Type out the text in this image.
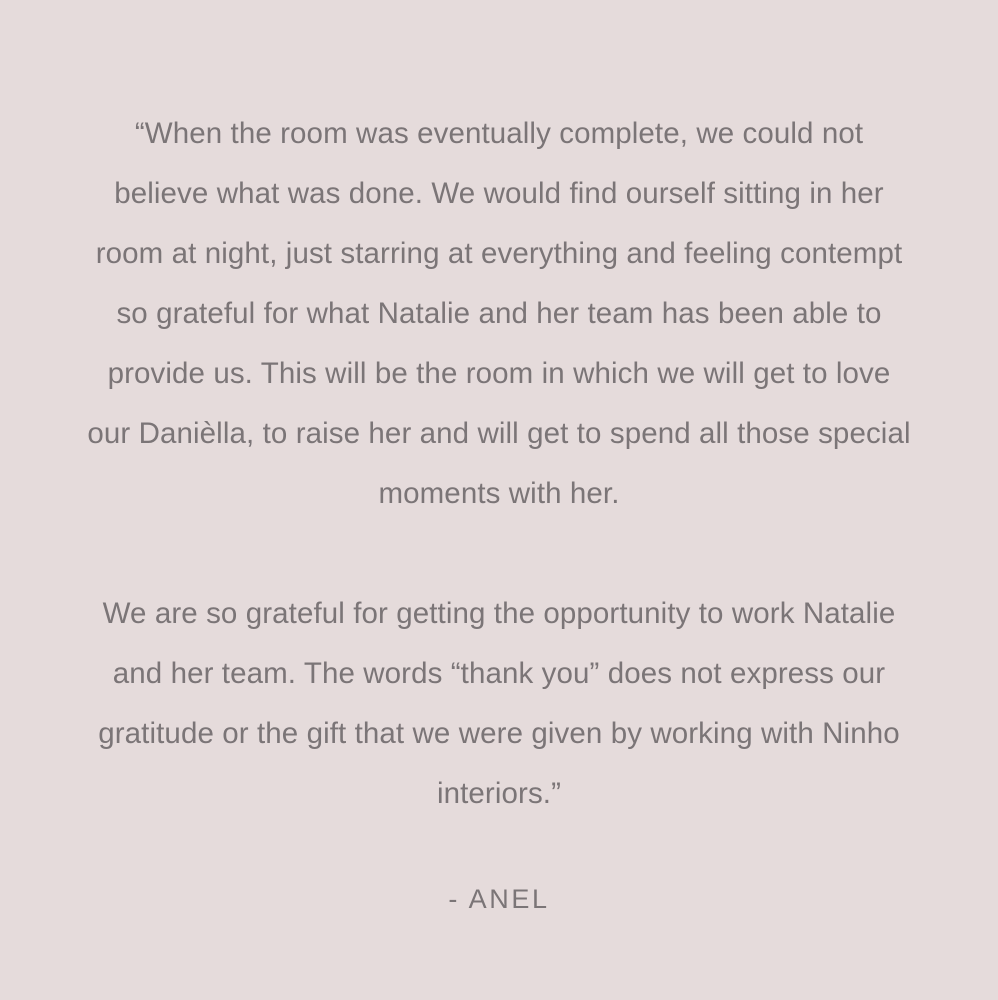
“When the room was eventually complete, we could not believe what was done. We would find ourself sitting in her room at night, just starring at everything and feeling contempt so grateful for what Natalie and her team has been able to provide us. This will be the room in which we will get to love our Danièlla, to raise her and will get to spend all those special moments with her.

We are so grateful for getting the opportunity to work Natalie and her team. The words “thank you” does not express our gratitude or the gift that we were given by working with Ninho interiors.”

- ANEL
